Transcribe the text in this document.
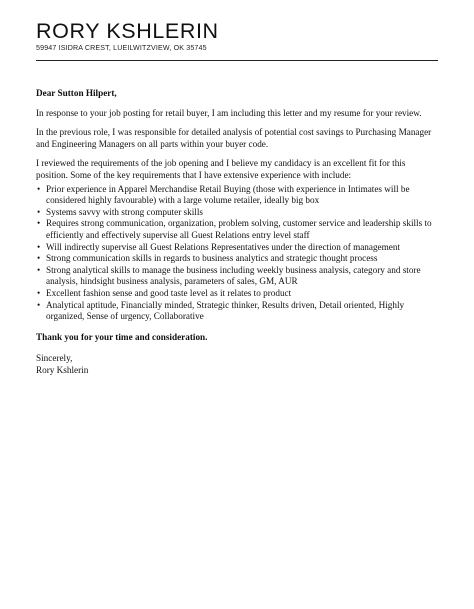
RORY KSHLERIN
59947 ISIDRA CREST, LUEILWITZVIEW, OK 35745

Dear Sutton Hilpert,

In response to your job posting for retail buyer, I am including this letter and my resume for your review.

In the previous role, I was responsible for detailed analysis of potential cost savings to Purchasing Manager and Engineering Managers on all parts within your buyer code.

I reviewed the requirements of the job opening and I believe my candidacy is an excellent fit for this position. Some of the key requirements that I have extensive experience with include:

• Prior experience in Apparel Merchandise Retail Buying (those with experience in Intimates will be considered highly favourable) with a large volume retailer, ideally big box
• Systems savvy with strong computer skills
• Requires strong communication, organization, problem solving, customer service and leadership skills to efficiently and effectively supervise all Guest Relations entry level staff
• Will indirectly supervise all Guest Relations Representatives under the direction of management
• Strong communication skills in regards to business analytics and strategic thought process
• Strong analytical skills to manage the business including weekly business analysis, category and store analysis, hindsight business analysis, parameters of sales, GM, AUR
• Excellent fashion sense and good taste level as it relates to product
• Analytical aptitude, Financially minded, Strategic thinker, Results driven, Detail oriented, Highly organized, Sense of urgency, Collaborative

Thank you for your time and consideration.

Sincerely,

Rory Kshlerin
